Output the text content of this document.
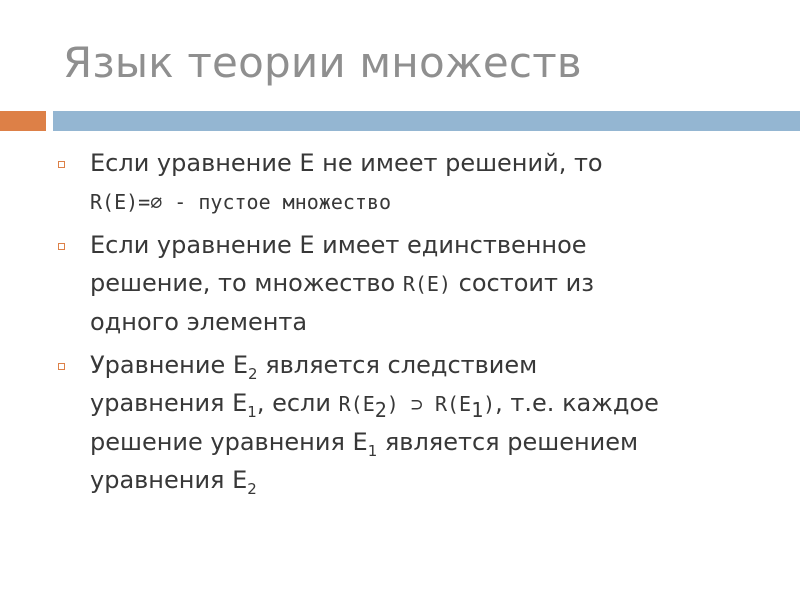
Язык теории множеств
Если уравнение Е не имеет решений, то
R(E)=∅ - пустое множество
Если уравнение Е имеет единственное
решение, то множество R(E) состоит из
одного элемента
Уравнение $Е_2$ является следствием
уравнения $Е_1$, если $R(E_2)$ ⊃ $R(E_1)$, т.е. каждое
решение уравнения $Е_1$ является решением
уравнения $Е_2$
